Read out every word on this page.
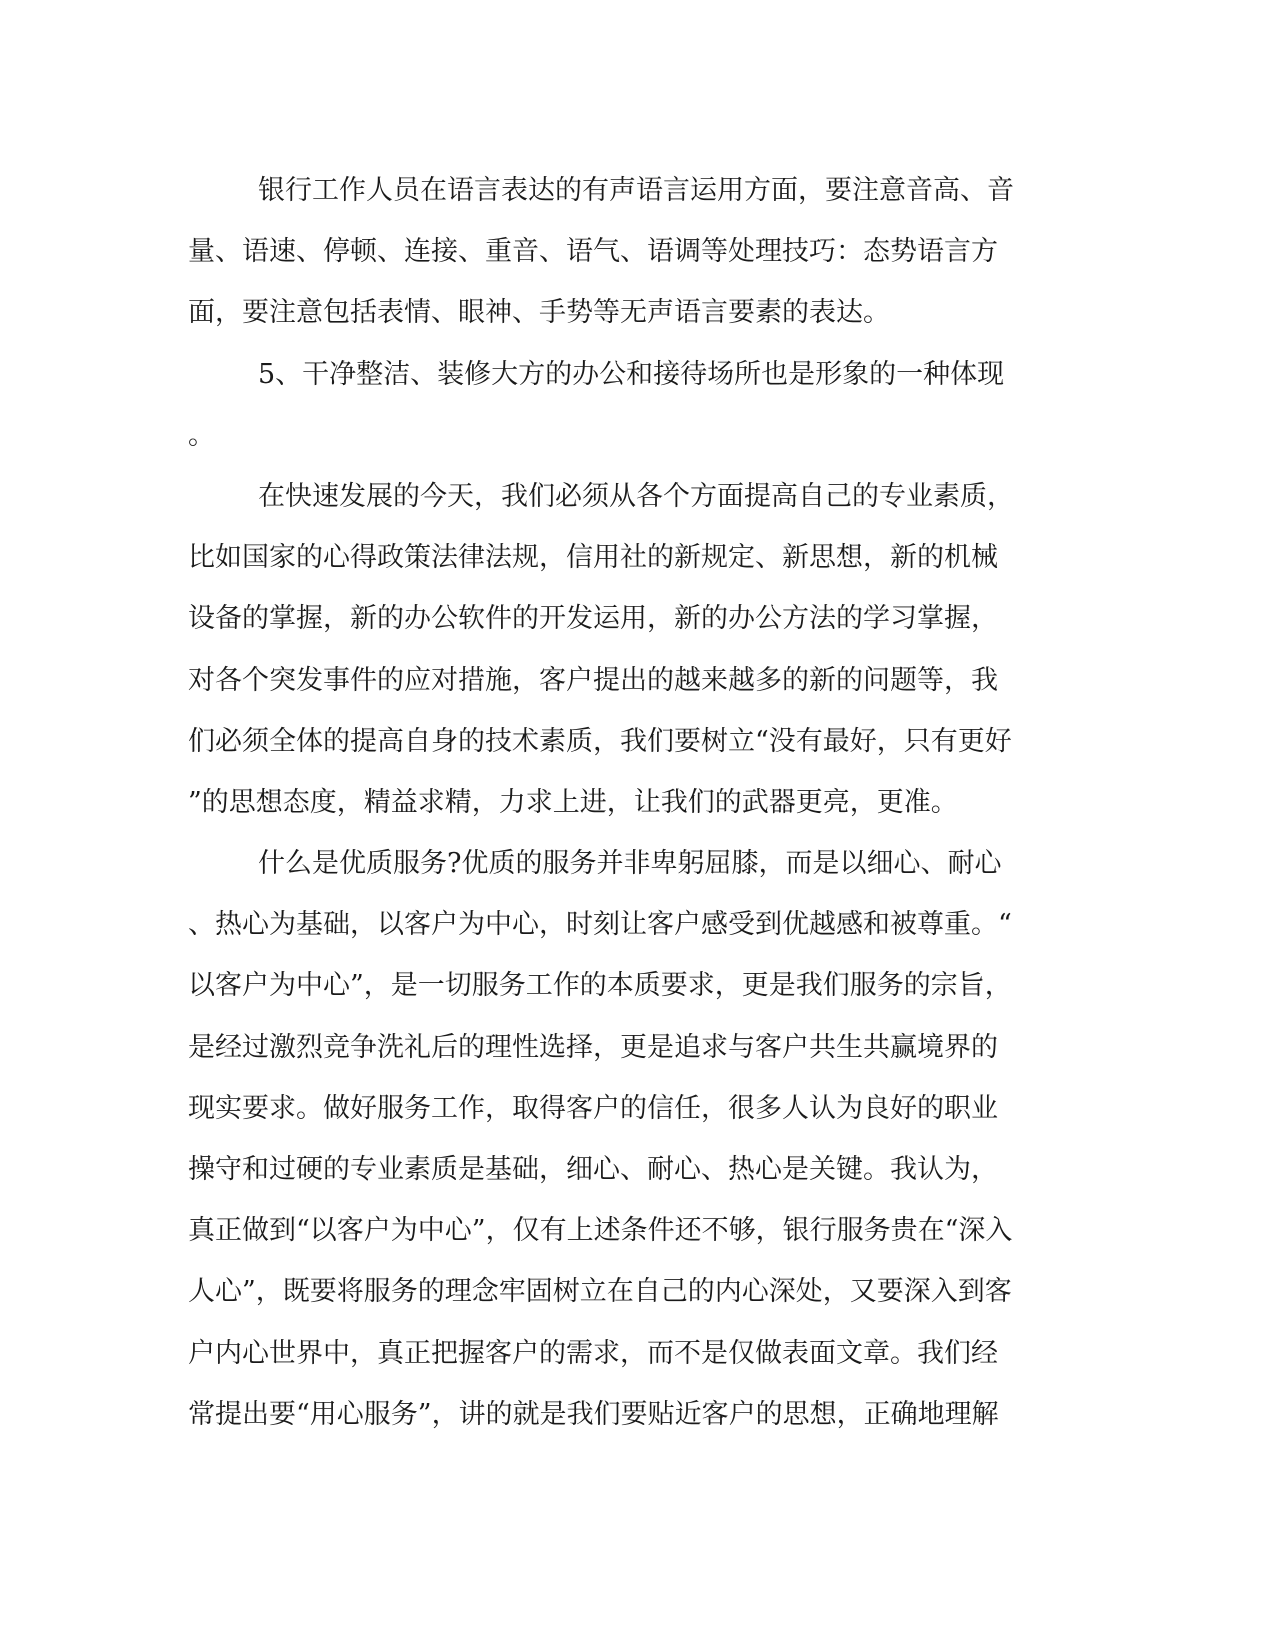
银行工作人员在语言表达的有声语言运用方面，要注意音高、音
量、语速、停顿、连接、重音、语气、语调等处理技巧：态势语言方
面，要注意包括表情、眼神、手势等无声语言要素的表达。
5、干净整洁、装修大方的办公和接待场所也是形象的一种体现
。
在快速发展的今天，我们必须从各个方面提高自己的专业素质，
比如国家的心得政策法律法规，信用社的新规定、新思想，新的机械
设备的掌握，新的办公软件的开发运用，新的办公方法的学习掌握，
对各个突发事件的应对措施，客户提出的越来越多的新的问题等，我
们必须全体的提高自身的技术素质，我们要树立“没有最好，只有更好
”的思想态度，精益求精，力求上进，让我们的武器更亮，更准。
什么是优质服务?优质的服务并非卑躬屈膝，而是以细心、耐心
、热心为基础，以客户为中心，时刻让客户感受到优越感和被尊重。“
以客户为中心”，是一切服务工作的本质要求，更是我们服务的宗旨，
是经过激烈竞争洗礼后的理性选择，更是追求与客户共生共赢境界的
现实要求。做好服务工作，取得客户的信任，很多人认为良好的职业
操守和过硬的专业素质是基础，细心、耐心、热心是关键。我认为，
真正做到“以客户为中心”，仅有上述条件还不够，银行服务贵在“深入
人心”，既要将服务的理念牢固树立在自己的内心深处，又要深入到客
户内心世界中，真正把握客户的需求，而不是仅做表面文章。我们经
常提出要“用心服务”，讲的就是我们要贴近客户的思想，正确地理解
